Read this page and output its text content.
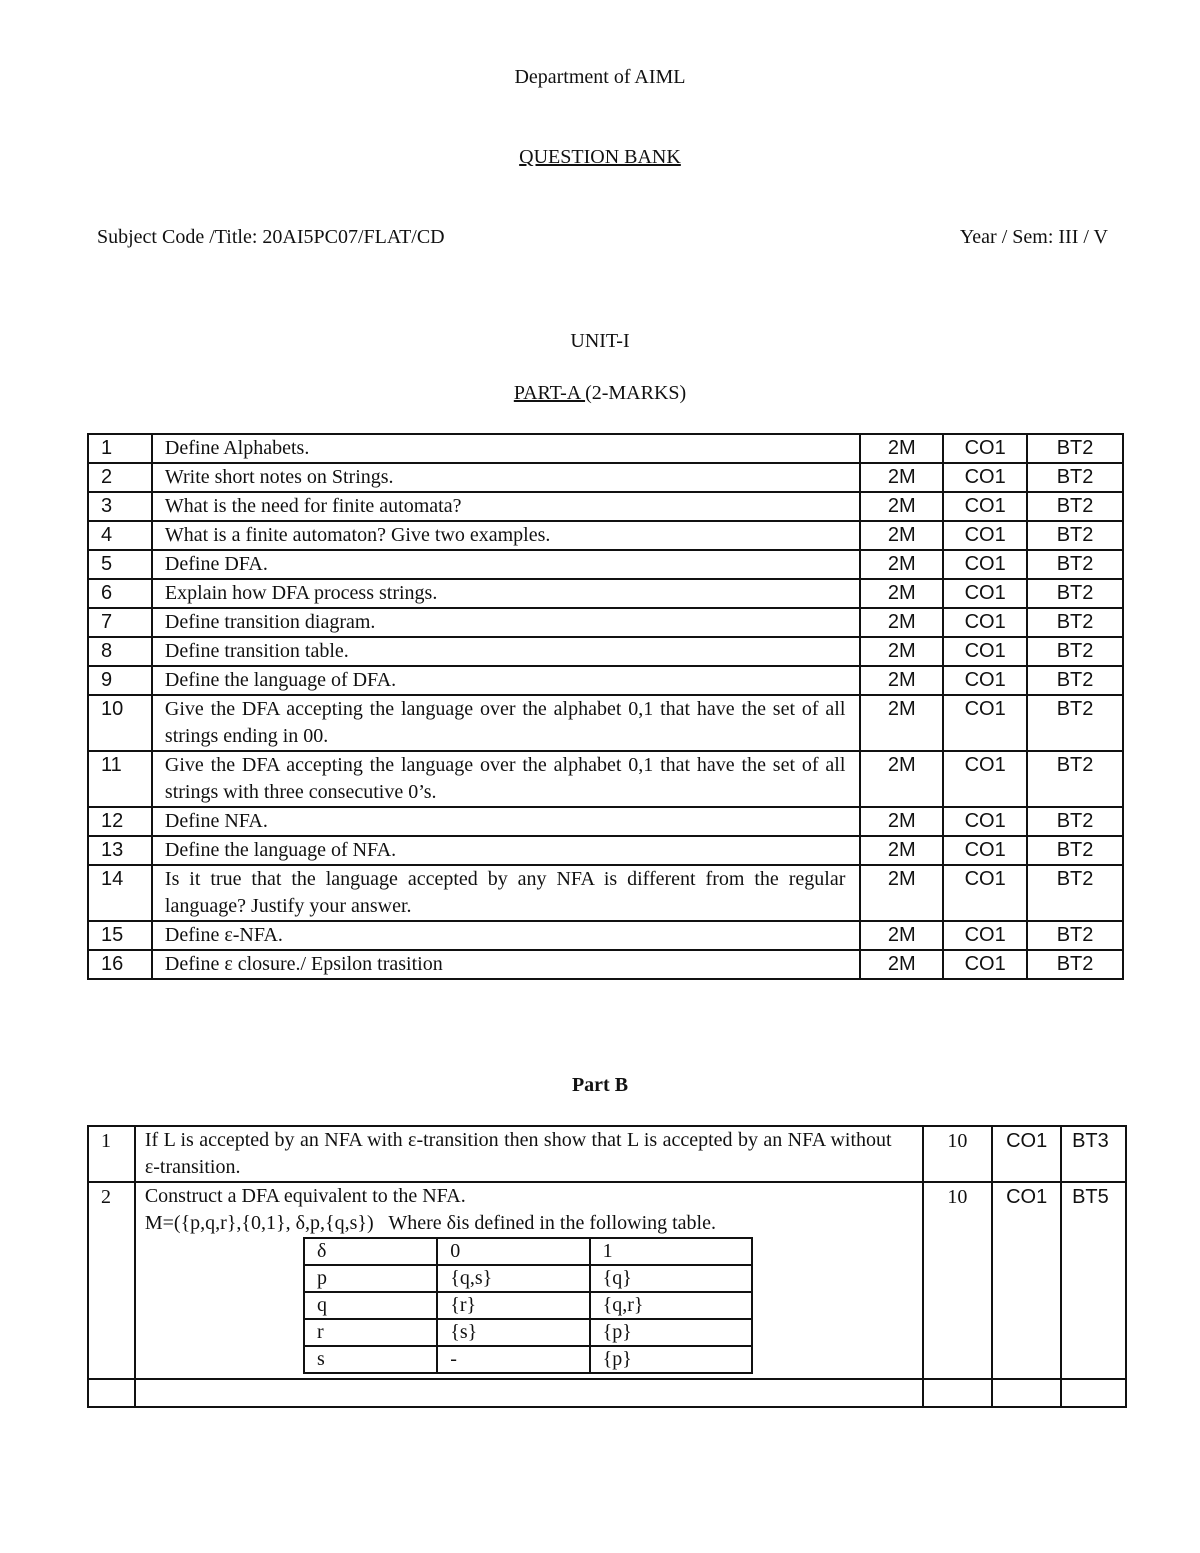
Department of AIML
QUESTION BANK
Subject Code /Title: 20AI5PC07/FLAT/CD	Year / Sem: III / V
UNIT-I
PART-A (2-MARKS)
1	Define Alphabets.	2M	CO1	BT2
2	Write short notes on Strings.	2M	CO1	BT2
3	What is the need for finite automata?	2M	CO1	BT2
4	What is a finite automaton? Give two examples.	2M	CO1	BT2
5	Define DFA.	2M	CO1	BT2
6	Explain how DFA process strings.	2M	CO1	BT2
7	Define transition diagram.	2M	CO1	BT2
8	Define transition table.	2M	CO1	BT2
9	Define the language of DFA.	2M	CO1	BT2
10	Give the DFA accepting the language over the alphabet 0,1 that have the set of all strings ending in 00.	2M	CO1	BT2
11	Give the DFA accepting the language over the alphabet 0,1 that have the set of all strings with three consecutive 0’s.	2M	CO1	BT2
12	Define NFA.	2M	CO1	BT2
13	Define the language of NFA.	2M	CO1	BT2
14	Is it true that the language accepted by any NFA is different from the regular language? Justify your answer.	2M	CO1	BT2
15	Define ε-NFA.	2M	CO1	BT2
16	Define ε closure./ Epsilon trasition	2M	CO1	BT2
Part B
1	If L is accepted by an NFA with ε-transition then show that L is accepted by an NFA without ε-transition.	10	CO1	BT3
2	Construct a DFA equivalent to the NFA.
M=({p,q,r},{0,1}, δ,p,{q,s})   Where δis defined in the following table.	10	CO1	BT5

δ	0	1
p	{q,s}	{q}
q	{r}	{q,r}
r	{s}	{p}
s	-	{p}
